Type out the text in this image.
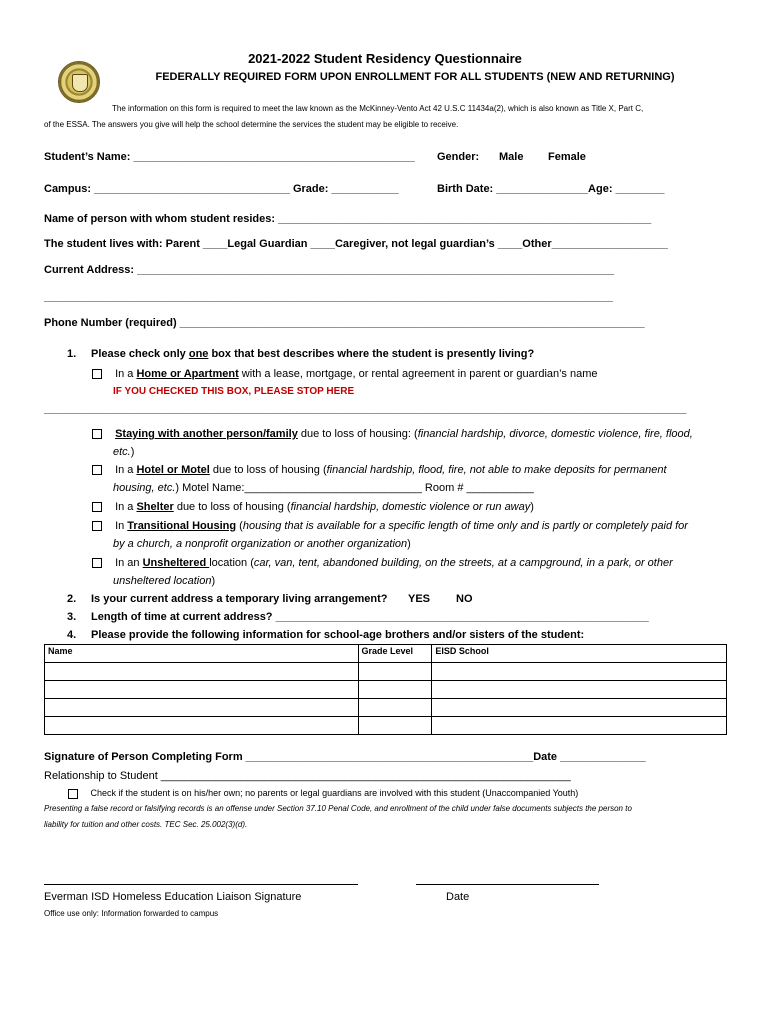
2021-2022 Student Residency Questionnaire
FEDERALLY REQUIRED FORM UPON ENROLLMENT FOR ALL STUDENTS (NEW AND RETURNING)
The information on this form is required to meet the law known as the McKinney-Vento Act 42 U.S.C 11434a(2), which is also known as Title X, Part C,
of the ESSA. The answers you give will help the school determine the services the student may be eligible to receive.
Student’s Name: ______________________________________________ Gender: Male Female
Campus: ________________________________ Grade: ___________	Birth Date: _______________Age: ________
Name of person with whom student resides: _____________________________________________________________
The student lives with: Parent ____Legal Guardian ____Caregiver, not legal guardian’s ____Other___________________
Current Address: ______________________________________________________________________________
_____________________________________________________________________________________________
Phone Number (required) ____________________________________________________________________________
1. Please check only one box that best describes where the student is presently living?
In a Home or Apartment with a lease, mortgage, or rental agreement in parent or guardian’s name
IF YOU CHECKED THIS BOX, PLEASE STOP HERE
_________________________________________________________________________________________________________
Staying with another person/family due to loss of housing: (financial hardship, divorce, domestic violence, fire, flood,
etc.)
In a Hotel or Motel due to loss of housing (financial hardship, flood, fire, not able to make deposits for permanent
housing, etc.) Motel Name:_____________________________ Room # ___________
In a Shelter due to loss of housing (financial hardship, domestic violence or run away)
In Transitional Housing (housing that is available for a specific length of time only and is partly or completely paid for
by a church, a nonprofit organization or another organization)
In an Unsheltered location (car, van, tent, abandoned building, on the streets, at a campground, in a park, or other
unsheltered location)
2. Is your current address a temporary living arrangement? YES NO
3. Length of time at current address? _____________________________________________________________
4. Please provide the following information for school-age brothers and/or sisters of the student:
Name	Grade Level	EISD School

Signature of Person Completing Form _______________________________________________Date ______________
Relationship to Student ___________________________________________________________________
Check if the student is on his/her own; no parents or legal guardians are involved with this student (Unaccompanied Youth)
Presenting a false record or falsifying records is an offense under Section 37.10 Penal Code, and enrollment of the child under false documents subjects the person to
liability for tuition and other costs. TEC Sec. 25.002(3)(d).
Everman ISD Homeless Education Liaison Signature	Date
Office use only: Information forwarded to campus
